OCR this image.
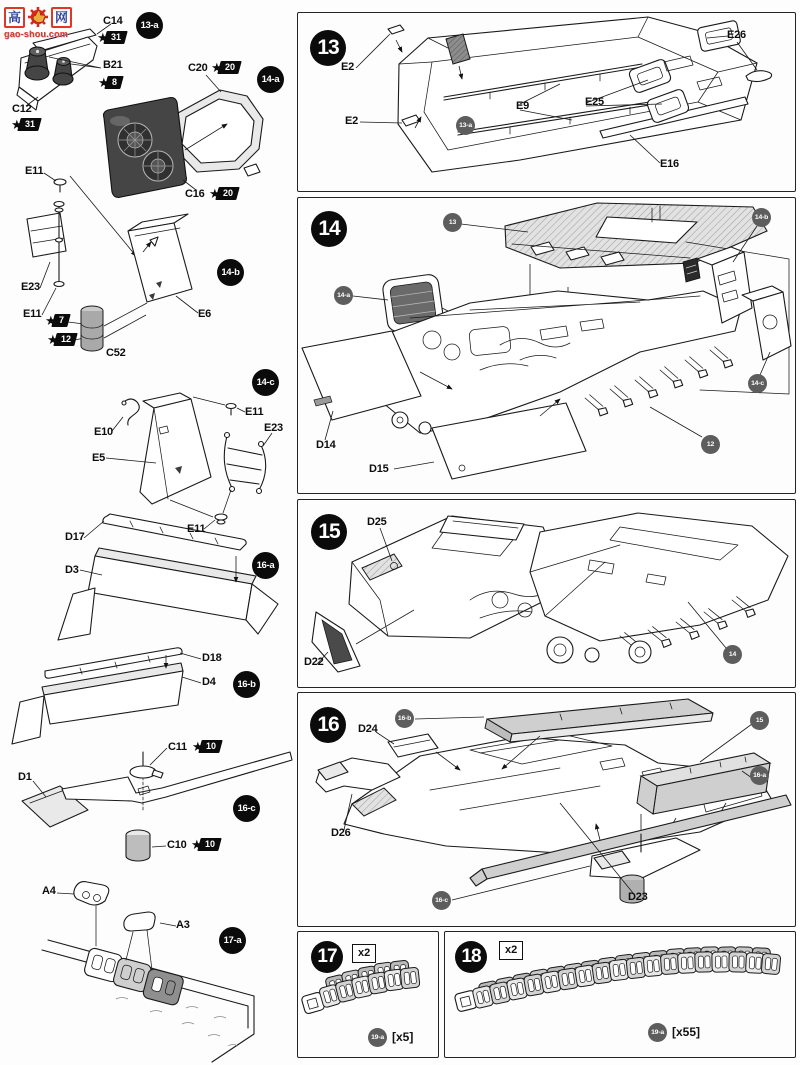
高	网
gao-shou.com
C14
★ 31
13-a
B21
★ 8
C12
★ 31
C20 ★ 20
14-a
C16 ★ 20
E11
E23
E11 ★ 7
★ 12
C52
E6
14-b
14-c
E10
E5
E11
E23
E11
D17
D3	16-a
D18
D4	16-b
C11 ★ 10
D1
16-c
C10 ★ 10
A4
A3
17-a
13
E2
E2
E9
13-a
E25
E26
E16
14	13
14-a
14-b
14-c
12
D14
D15
15	D25
D22
14
16	16-b
D24
15
16-a
D26
16-c	D23
17	x2
19-a [x5]
18	x2
19-a [x55]
